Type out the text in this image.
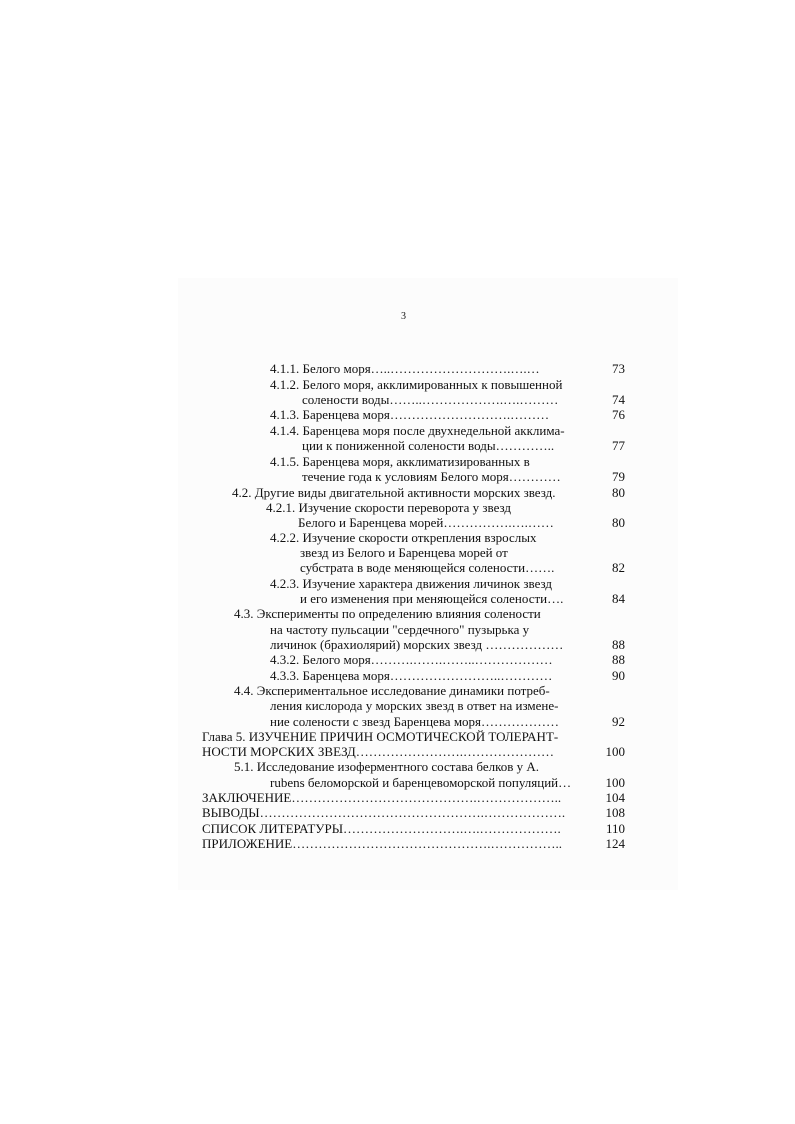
3
4.1.1. Белого моря…..……………………….….…	73
4.1.2. Белого моря, акклимированных к повышенной
солености воды……..……………….….………	74
4.1.3. Баренцева моря……………………….………	76
4.1.4. Баренцева моря после двухнедельной акклима-
ции к пониженной солености воды…………..	77
4.1.5. Баренцева моря, акклиматизированных в
течение года к условиям Белого моря…………	79
4.2. Другие виды двигательной активности морских звезд.	80
4.2.1. Изучение скорости переворота у звезд
Белого и Баренцева морей…………….….……	80
4.2.2. Изучение скорости открепления взрослых
звезд из Белого и Баренцева морей от
субстрата в воде меняющейся солености…….	82
4.2.3. Изучение характера движения личинок звезд
и его изменения при меняющейся солености….	84
4.3. Эксперименты по определению влияния солености
на частоту пульсации "сердечного" пузырька у
личинок (брахиолярий) морских звезд ………………	88
4.3.2. Белого моря……….…….……..………………	88
4.3.3. Баренцева моря……………………..…………	90
4.4. Экспериментальное исследование динамики потреб-
ления кислорода у морских звезд в ответ на измене-
ние солености с звезд Баренцева моря………………	92
Глава 5. ИЗУЧЕНИЕ ПРИЧИН ОСМОТИЧЕСКОЙ ТОЛЕРАНТ-
НОСТИ МОРСКИХ ЗВЕЗД…………………….…………………	100
5.1. Исследование изоферментного состава белков у А.
rubens беломорской и баренцевоморской популяций…	100
ЗАКЛЮЧЕНИЕ…………………………………….………………..	104
ВЫВОДЫ…………………………………………….……………….	108
СПИСОК ЛИТЕРАТУРЫ……………………….….……………….	110
ПРИЛОЖЕНИЕ……………………………………….……………..	124
